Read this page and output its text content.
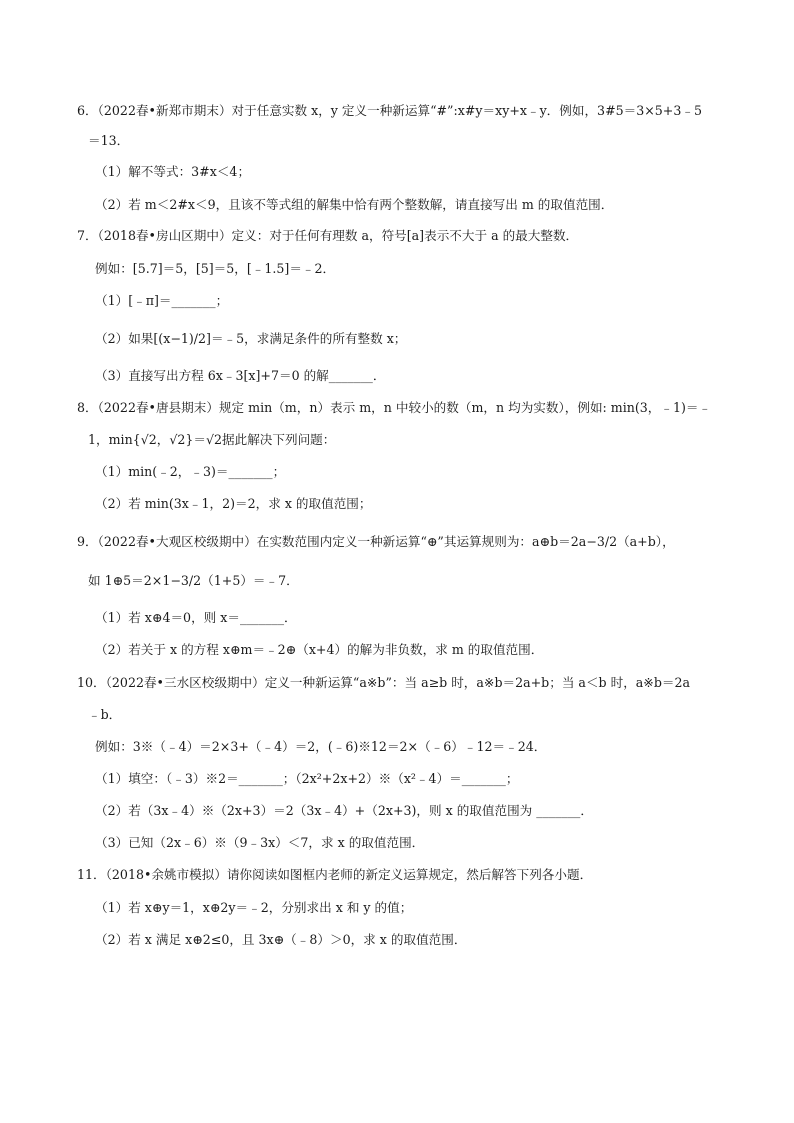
6．（2022春•新郑市期末）对于任意实数 x，y 定义一种新运算“#”:x#y＝xy+x﹣y．例如，3#5＝3×5+3﹣5
＝13．
（1）解不等式：3#x＜4；
（2）若 m＜2#x＜9，且该不等式组的解集中恰有两个整数解，请直接写出 m 的取值范围．
7．（2018春•房山区期中）定义：对于任何有理数 a，符号[a]表示不大于 a 的最大整数．
例如：[5.7]＝5，[5]＝5，[﹣1.5]＝﹣2．
（1）[﹣π]＝_______；
（2）如果[(x−1)/2]＝﹣5，求满足条件的所有整数 x；
（3）直接写出方程 6x﹣3[x]+7＝0 的解_______．
8．（2022春•唐县期末）规定 min（m，n）表示 m，n 中较小的数（m，n 均为实数），例如: min(3，﹣1)＝﹣
1，min{√2，√2}＝√2据此解决下列问题：
（1）min(﹣2，﹣3)＝_______；
（2）若 min(3x﹣1，2)＝2，求 x 的取值范围；
9．（2022春•大观区校级期中）在实数范围内定义一种新运算“⊕”其运算规则为：a⊕b＝2a−3/2（a+b），
如 1⊕5＝2×1−3/2（1+5）＝﹣7．
（1）若 x⊕4＝0，则 x＝_______．
（2）若关于 x 的方程 x⊕m＝﹣2⊕（x+4）的解为非负数，求 m 的取值范围．
10．（2022春•三水区校级期中）定义一种新运算“a※b”：当 a≥b 时，a※b＝2a+b；当 a＜b 时，a※b＝2a
﹣b．
例如：3※（﹣4）＝2×3+（﹣4）＝2，(﹣6)※12＝2×（﹣6）﹣12＝﹣24．
（1）填空：（﹣3）※2＝_______；（2x²+2x+2）※（x²﹣4）＝_______；
（2）若（3x﹣4）※（2x+3）＝2（3x﹣4）+（2x+3)，则 x 的取值范围为 _______．
（3）已知（2x﹣6）※（9﹣3x）＜7，求 x 的取值范围．
11．（2018•余姚市模拟）请你阅读如图框内老师的新定义运算规定，然后解答下列各小题．
（1）若 x⊕y＝1，x⊕2y＝﹣2，分别求出 x 和 y 的值；
（2）若 x 满足 x⊕2≤0，且 3x⊕（﹣8）＞0，求 x 的取值范围．
